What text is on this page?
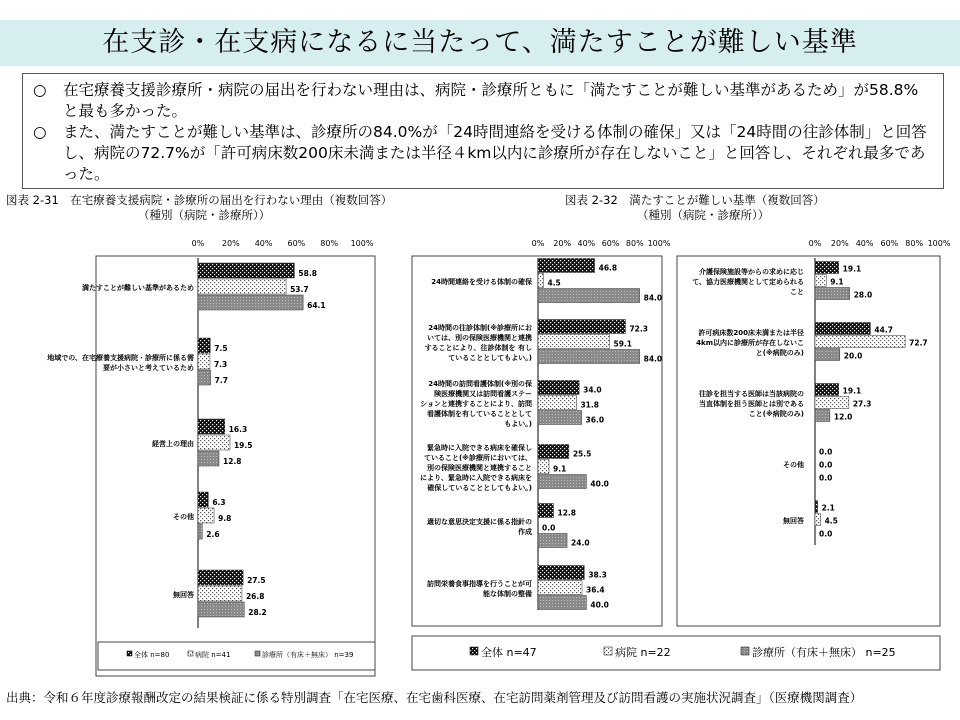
在支診・在支病になるに当たって、満たすことが難しい基準

○	在宅療養支援診療所・病院の届出を行わない理由は、病院・診療所ともに「満たすことが難しい基準があるため」が58.8%と最も多かった。

○	また、満たすことが難しい基準は、診療所の84.0%が「24時間連絡を受ける体制の確保」又は「24時間の往診体制」と回答し、病院の72.7%が「許可病床数200床未満または半径４km以内に診療所が存在しないこと」と回答し、それぞれ最多であった。

図表 2-31　在宅療養支援病院・診療所の届出を行わない理由（複数回答）
（種別（病院・診療所））
図表 2-32　満たすことが難しい基準（複数回答）
（種別（病院・診療所））
0% 20% 40% 60% 80% 100%
満たすことが難しい基準があるため
58.8
53.7
64.1
地域での、在宅療養支援病院・診療所に係る需
要が小さいと考えているため
7.5
7.3
7.7
経営上の理由
16.3
19.5
12.8
その他
6.3
9.8
2.6
無回答
27.5
26.8
28.2
0% 20% 40% 60% 80% 100%
24時間連絡を受ける体制の確保
46.8
4.5
84.0
24時間の往診体制(※診療所にお
いては、別の保険医療機関と連携
することにより、往診体制を 有し
ていることとしてもよい。)
72.3
59.1
84.0
24時間の訪問看護体制(※別の保
険医療機関又は訪問看護ステー
ションと連携することにより、訪問
看護体制を有していることとして
もよい。)
34.0
31.8
36.0
緊急時に入院できる病床を確保し
ていること(※診療所においては、
別の保険医療機関と連携すること
により、緊急時に入院できる病床を
確保していることとしてもよい。)
25.5
9.1
40.0
適切な意思決定支援に係る指針の
作成
12.8
0.0
24.0
訪問栄養食事指導を行うことが可
能な体制の整備
38.3
36.4
40.0
0% 20% 40% 60% 80% 100%
介護保険施設等からの求めに応じ
て、協力医療機関として定められる
こと
19.1
9.1
28.0
許可病床数200床未満または半径
4km以内に診療所が存在しないこ
と(※病院のみ)
44.7
72.7
20.0
往診を担当する医師は当該病院の
当直体制を担う医師とは別である
こと(※病院のみ)
19.1
27.3
12.0
その他
0.0
0.0
0.0
無回答
2.1
4.5
0.0
全体 n=80	病院 n=41	診療所（有床＋無床） n=39	全体 n=47	病院 n=22	診療所（有床＋無床） n=25
出典：令和６年度診療報酬改定の結果検証に係る特別調査「在宅医療、在宅歯科医療、在宅訪問薬剤管理及び訪問看護の実施状況調査」（医療機関調査）
